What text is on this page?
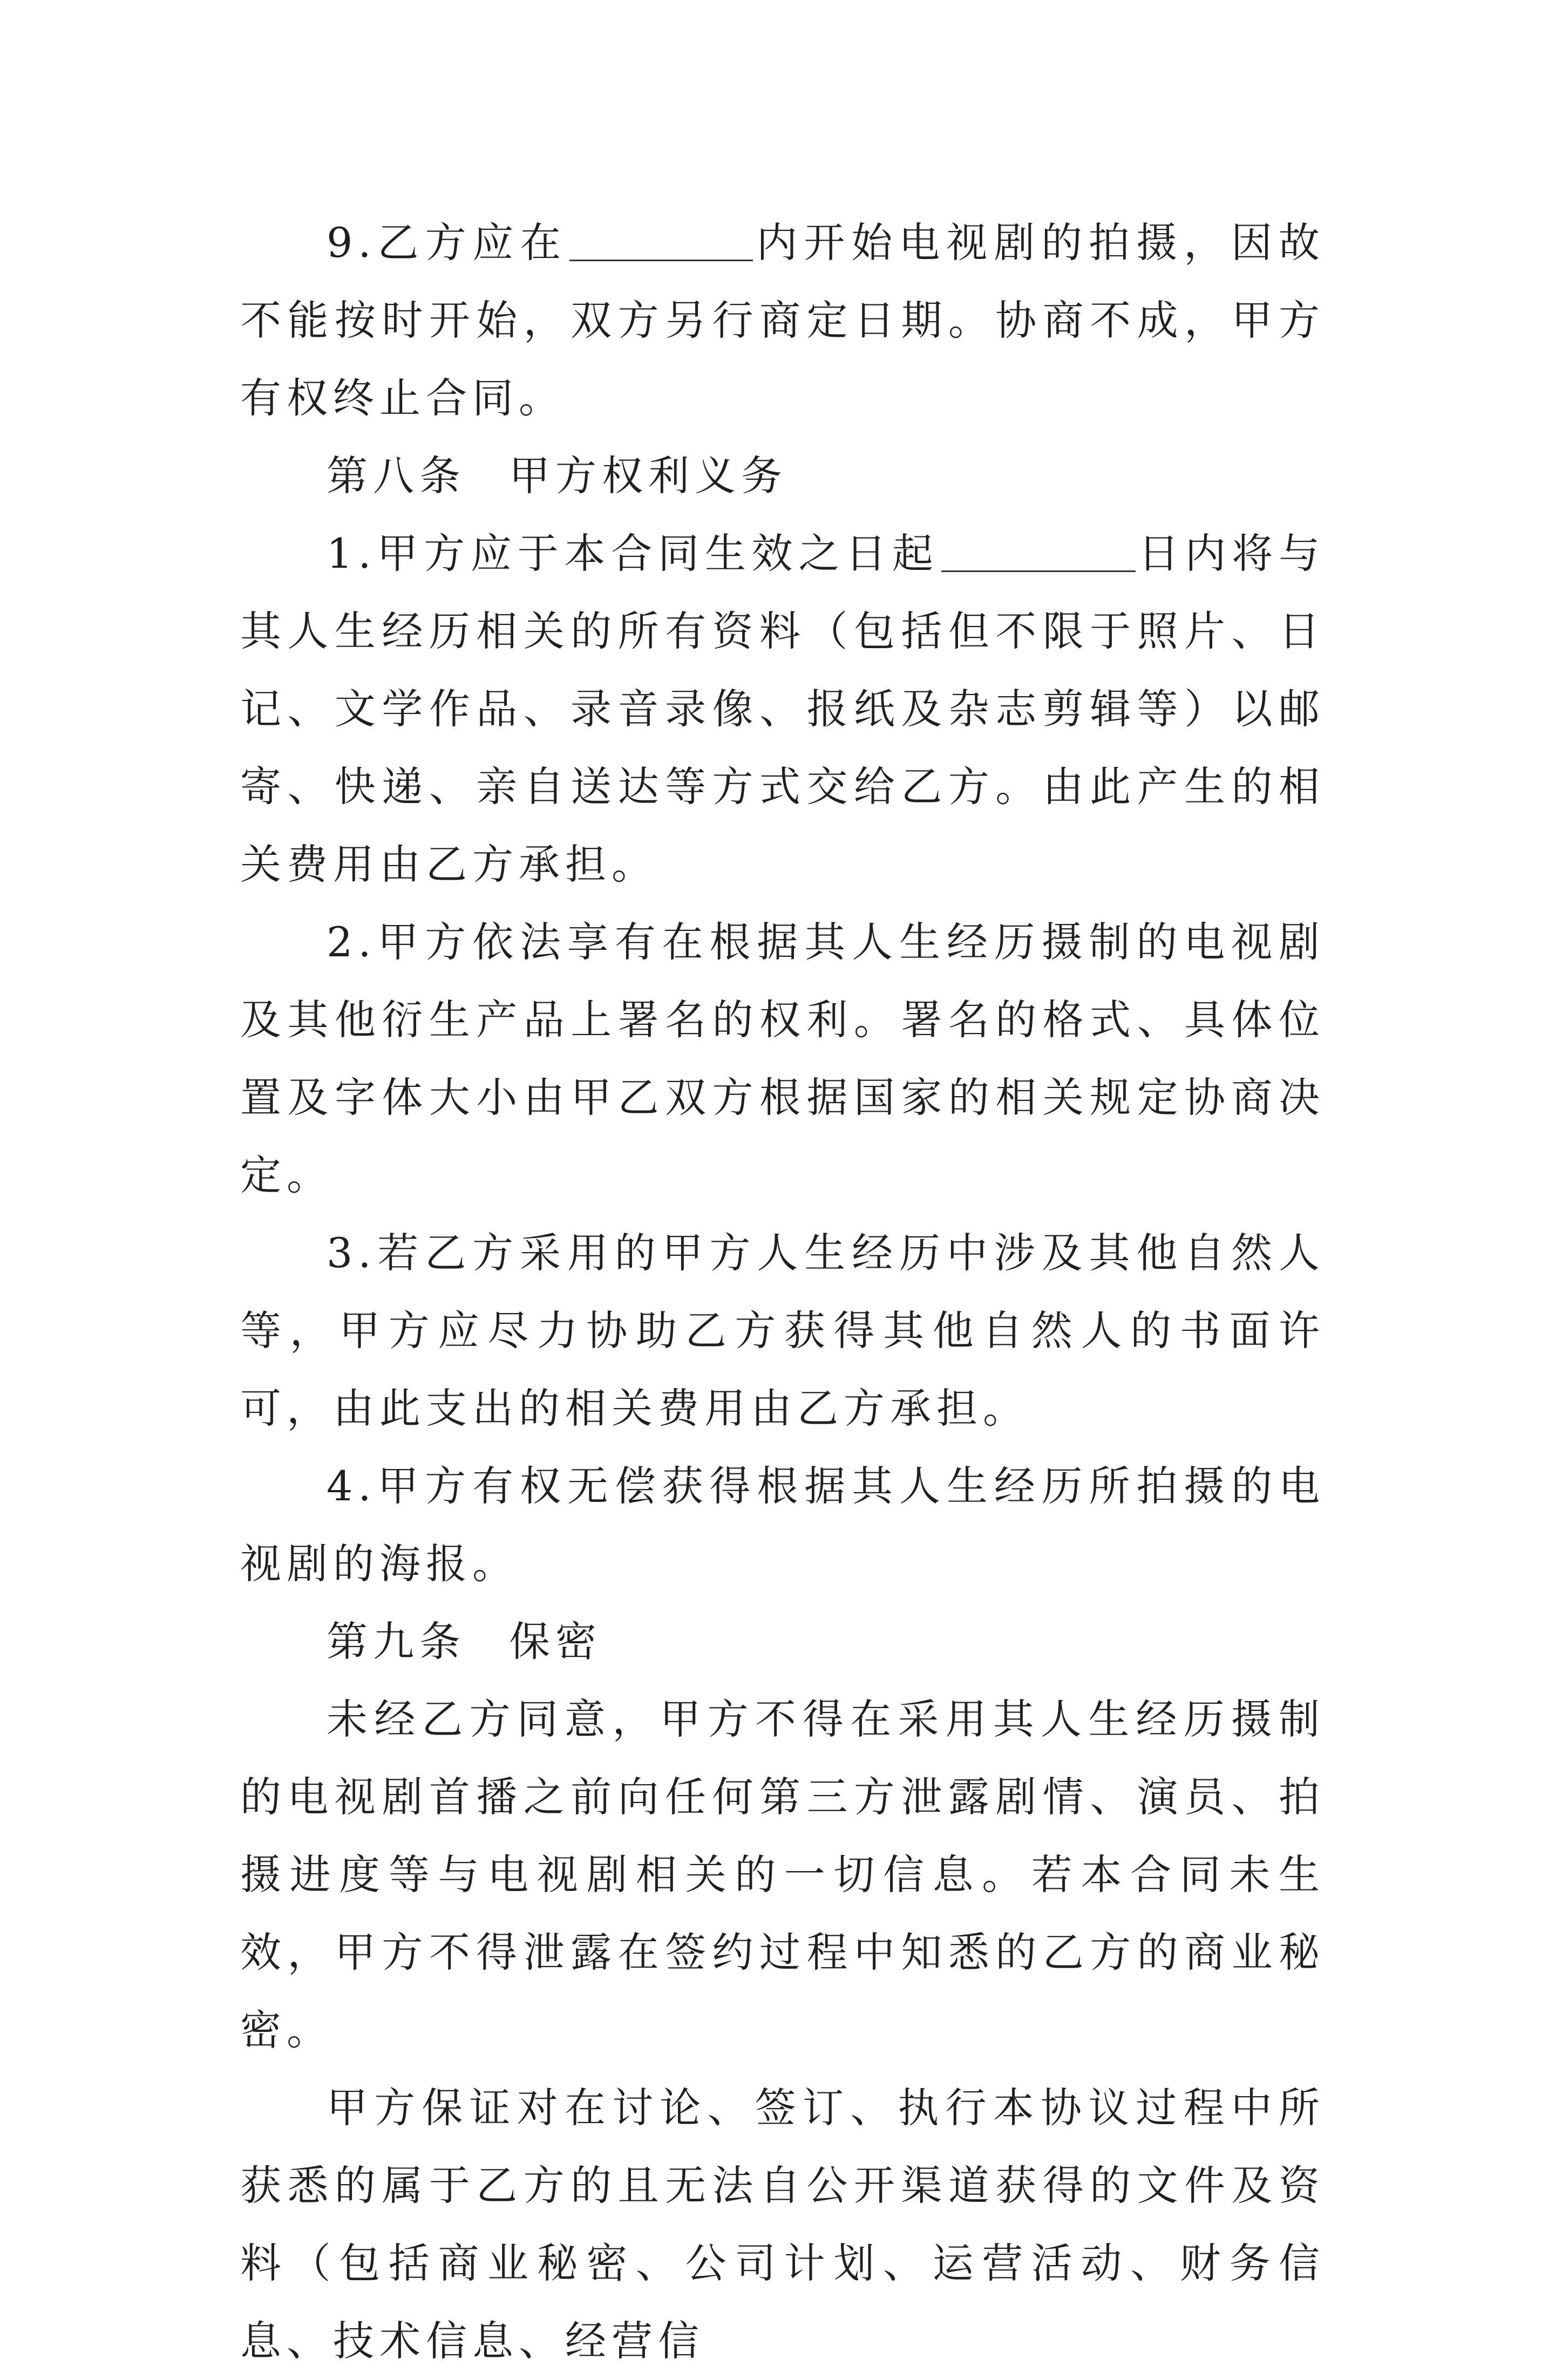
9.乙方应在	内开始电视剧的拍摄，因故不能按时开始，双方另行商定日期。协商不成，甲方有权终止合同。

第八条 甲方权利义务

1.甲方应于本合同生效之日起	日内将与其人生经历相关的所有资料（包括但不限于照片、日记、文学作品、录音录像、报纸及杂志剪辑等）以邮寄、快递、亲自送达等方式交给乙方。由此产生的相关费用由乙方承担。

2.甲方依法享有在根据其人生经历摄制的电视剧及其他衍生产品上署名的权利。署名的格式、具体位置及字体大小由甲乙双方根据国家的相关规定协商决定。

3.若乙方采用的甲方人生经历中涉及其他自然人等，甲方应尽力协助乙方获得其他自然人的书面许可，由此支出的相关费用由乙方承担。

4.甲方有权无偿获得根据其人生经历所拍摄的电视剧的海报。

第九条 保密

未经乙方同意，甲方不得在采用其人生经历摄制的电视剧首播之前向任何第三方泄露剧情、演员、拍摄进度等与电视剧相关的一切信息。若本合同未生效，甲方不得泄露在签约过程中知悉的乙方的商业秘密。

甲方保证对在讨论、签订、执行本协议过程中所获悉的属于乙方的且无法自公开渠道获得的文件及资料（包括商业秘密、公司计划、运营活动、财务信息、技术信息、经营信
